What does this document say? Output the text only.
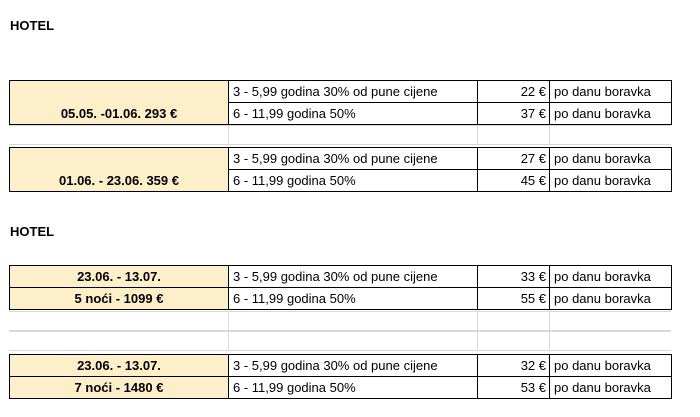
HOTEL
05.05. -01.06. 293 €	3 - 5,99 godina 30% od pune cijene	22 €	po danu boravka
	6 - 11,99 godina 50%	37 €	po danu boravka
01.06. - 23.06. 359 €	3 - 5,99 godina 30% od pune cijene	27 €	po danu boravka
	6 - 11,99 godina 50%	45 €	po danu boravka
HOTEL
23.06. - 13.07.	3 - 5,99 godina 30% od pune cijene	33 €	po danu boravka
5 noći - 1099 €	6 - 11,99 godina 50%	55 €	po danu boravka
23.06. - 13.07.	3 - 5,99 godina 30% od pune cijene	32 €	po danu boravka
7 noći - 1480 €	6 - 11,99 godina 50%	53 €	po danu boravka
